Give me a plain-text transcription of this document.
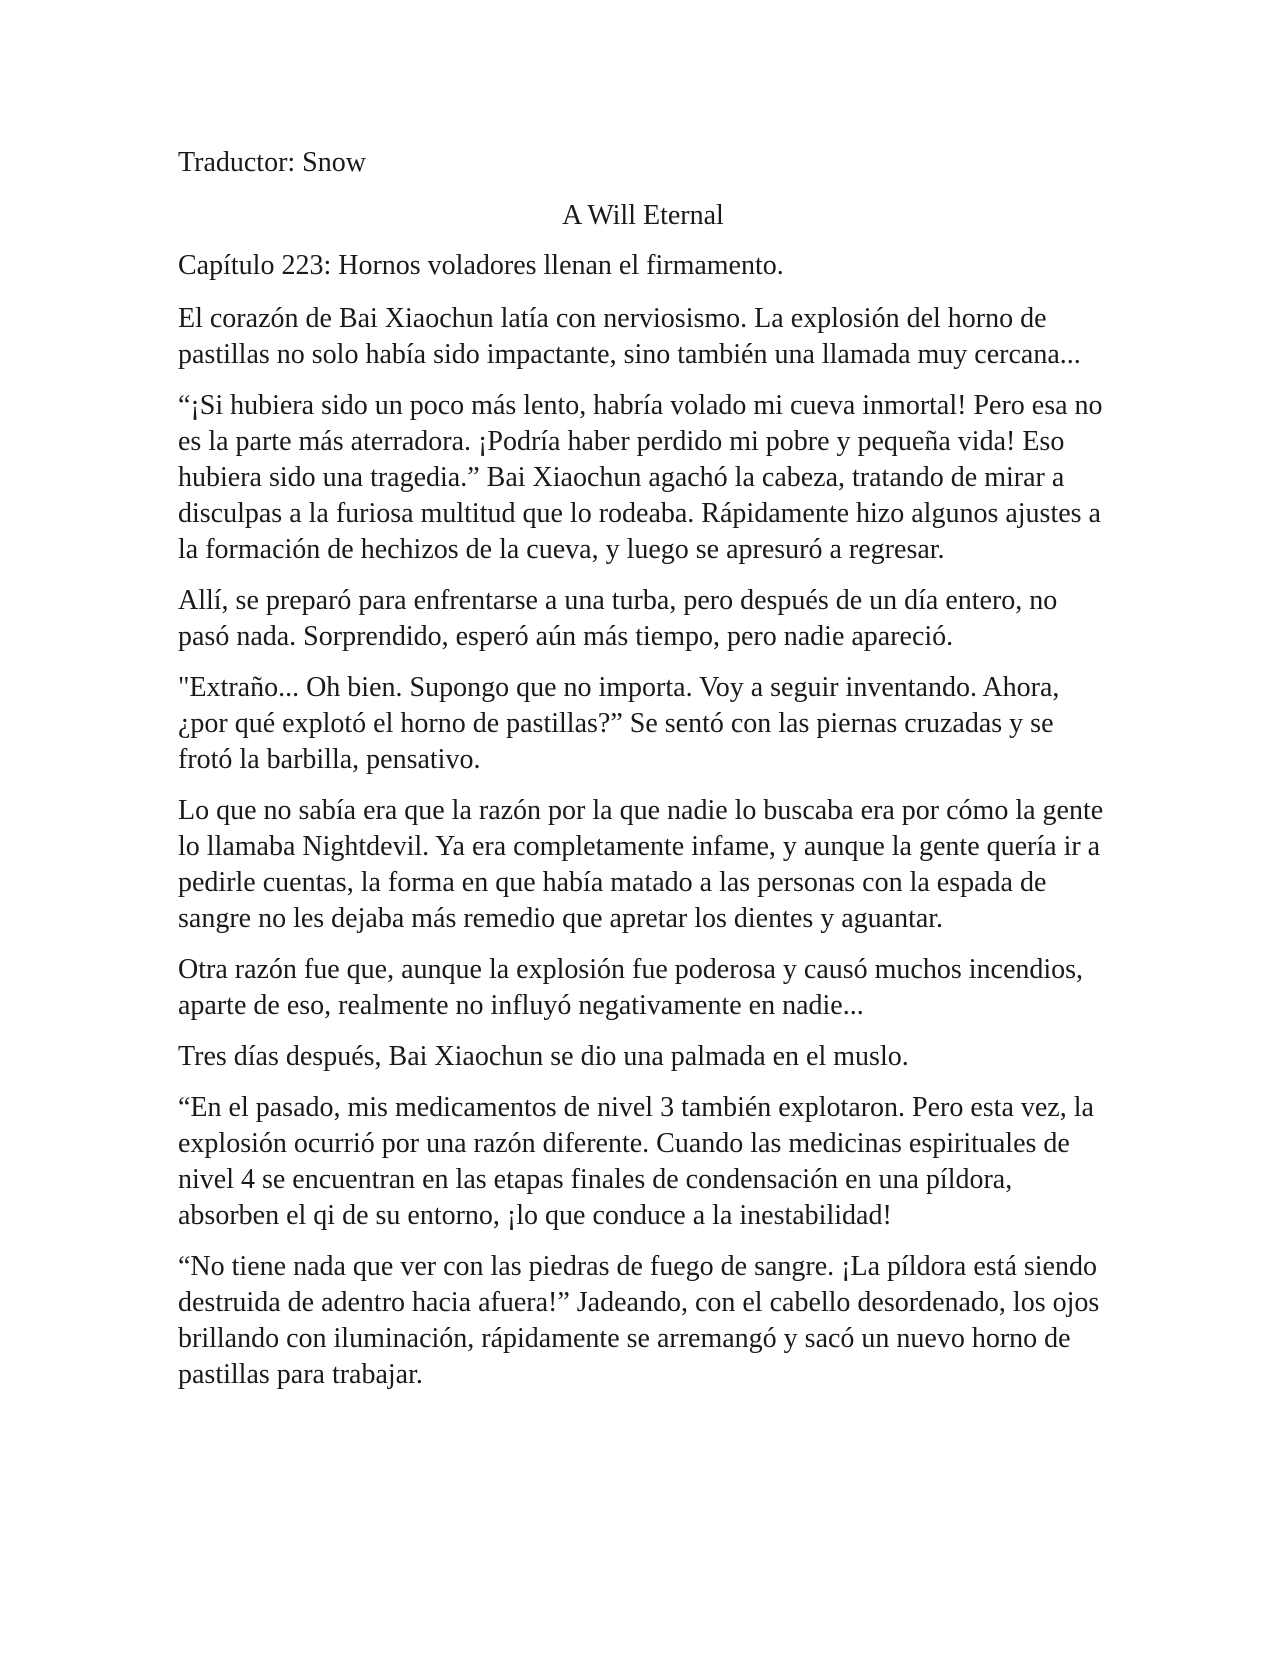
Traductor: Snow

A Will Eternal

Capítulo 223: Hornos voladores llenan el firmamento.

El corazón de Bai Xiaochun latía con nerviosismo. La explosión del horno de pastillas no solo había sido impactante, sino también una llamada muy cercana...

“¡Si hubiera sido un poco más lento, habría volado mi cueva inmortal! Pero esa no es la parte más aterradora. ¡Podría haber perdido mi pobre y pequeña vida! Eso hubiera sido una tragedia.” Bai Xiaochun agachó la cabeza, tratando de mirar a disculpas a la furiosa multitud que lo rodeaba. Rápidamente hizo algunos ajustes a la formación de hechizos de la cueva, y luego se apresuró a regresar.

Allí, se preparó para enfrentarse a una turba, pero después de un día entero, no pasó nada. Sorprendido, esperó aún más tiempo, pero nadie apareció.

"Extraño... Oh bien. Supongo que no importa. Voy a seguir inventando. Ahora, ¿por qué explotó el horno de pastillas?” Se sentó con las piernas cruzadas y se frotó la barbilla, pensativo.

Lo que no sabía era que la razón por la que nadie lo buscaba era por cómo la gente lo llamaba Nightdevil. Ya era completamente infame, y aunque la gente quería ir a pedirle cuentas, la forma en que había matado a las personas con la espada de sangre no les dejaba más remedio que apretar los dientes y aguantar.

Otra razón fue que, aunque la explosión fue poderosa y causó muchos incendios, aparte de eso, realmente no influyó negativamente en nadie...

Tres días después, Bai Xiaochun se dio una palmada en el muslo.

“En el pasado, mis medicamentos de nivel 3 también explotaron. Pero esta vez, la explosión ocurrió por una razón diferente. Cuando las medicinas espirituales de nivel 4 se encuentran en las etapas finales de condensación en una píldora, absorben el qi de su entorno, ¡lo que conduce a la inestabilidad!

“No tiene nada que ver con las piedras de fuego de sangre. ¡La píldora está siendo destruida de adentro hacia afuera!” Jadeando, con el cabello desordenado, los ojos brillando con iluminación, rápidamente se arremangó y sacó un nuevo horno de pastillas para trabajar.
